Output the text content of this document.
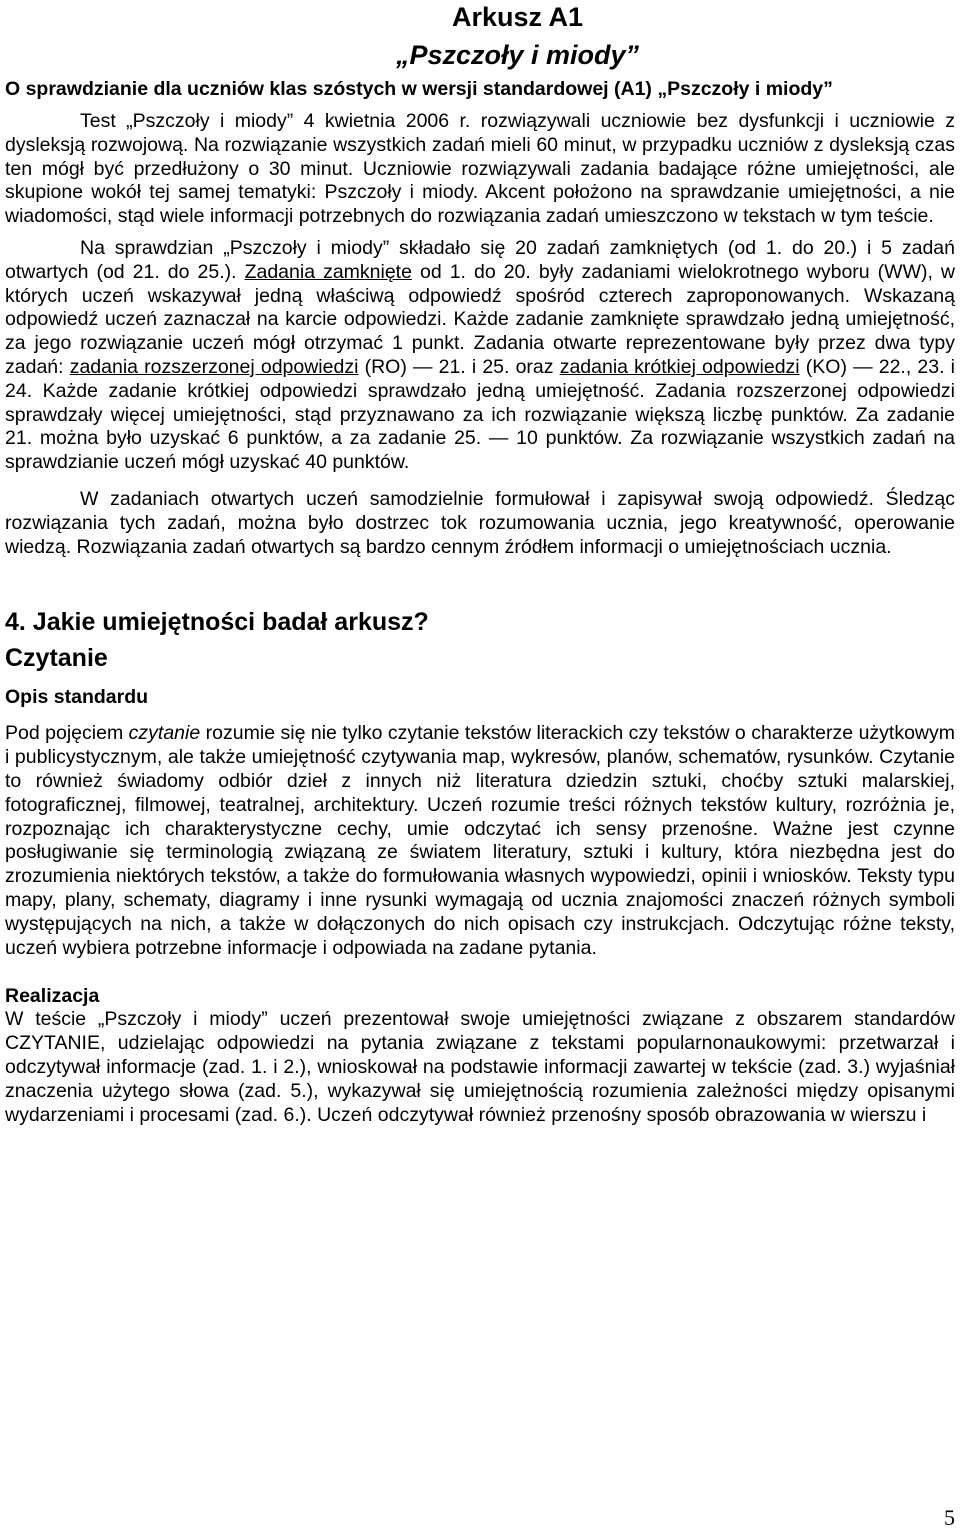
Arkusz A1
„Pszczoły i miody”
O sprawdzianie dla uczniów klas szóstych w wersji standardowej (A1) „Pszczoły i miody”

Test „Pszczoły i miody” 4 kwietnia 2006 r. rozwiązywali uczniowie bez dysfunkcji i uczniowie z dysleksją rozwojową. Na rozwiązanie wszystkich zadań mieli 60 minut, w przypadku uczniów z dysleksją czas ten mógł być przedłużony o 30 minut. Uczniowie rozwiązywali zadania badające różne umiejętności, ale skupione wokół tej samej tematyki: Pszczoły i miody. Akcent położono na sprawdzanie umiejętności, a nie wiadomości, stąd wiele informacji potrzebnych do rozwiązania zadań umieszczono w tekstach w tym teście.

Na sprawdzian „Pszczoły i miody” składało się 20 zadań zamkniętych (od 1. do 20.) i 5 zadań otwartych (od 21. do 25.). Zadania zamknięte od 1. do 20. były zadaniami wielokrotnego wyboru (WW), w których uczeń wskazywał jedną właściwą odpowiedź spośród czterech zaproponowanych. Wskazaną odpowiedź uczeń zaznaczał na karcie odpowiedzi. Każde zadanie zamknięte sprawdzało jedną umiejętność, za jego rozwiązanie uczeń mógł otrzymać 1 punkt. Zadania otwarte reprezentowane były przez dwa typy zadań: zadania rozszerzonej odpowiedzi (RO) — 21. i 25. oraz zadania krótkiej odpowiedzi (KO) — 22., 23. i 24. Każde zadanie krótkiej odpowiedzi sprawdzało jedną umiejętność. Zadania rozszerzonej odpowiedzi sprawdzały więcej umiejętności, stąd przyznawano za ich rozwiązanie większą liczbę punktów. Za zadanie 21. można było uzyskać 6 punktów, a za zadanie 25. — 10 punktów. Za rozwiązanie wszystkich zadań na sprawdzianie uczeń mógł uzyskać 40 punktów.

W zadaniach otwartych uczeń samodzielnie formułował i zapisywał swoją odpowiedź. Śledząc rozwiązania tych zadań, można było dostrzec tok rozumowania ucznia, jego kreatywność, operowanie wiedzą. Rozwiązania zadań otwartych są bardzo cennym źródłem informacji o umiejętnościach ucznia.

4. Jakie umiejętności badał arkusz?
Czytanie
Opis standardu

Pod pojęciem czytanie rozumie się nie tylko czytanie tekstów literackich czy tekstów o charakterze użytkowym i publicystycznym, ale także umiejętność czytywania map, wykresów, planów, schematów, rysunków. Czytanie to również świadomy odbiór dzieł z innych niż literatura dziedzin sztuki, choćby sztuki malarskiej, fotograficznej, filmowej, teatralnej, architektury. Uczeń rozumie treści różnych tekstów kultury, rozróżnia je, rozpoznając ich charakterystyczne cechy, umie odczytać ich sensy przenośne. Ważne jest czynne posługiwanie się terminologią związaną ze światem literatury, sztuki i kultury, która niezbędna jest do zrozumienia niektórych tekstów, a także do formułowania własnych wypowiedzi, opinii i wniosków. Teksty typu mapy, plany, schematy, diagramy i inne rysunki wymagają od ucznia znajomości znaczeń różnych symboli występujących na nich, a także w dołączonych do nich opisach czy instrukcjach. Odczytując różne teksty, uczeń wybiera potrzebne informacje i odpowiada na zadane pytania.

Realizacja

W teście „Pszczoły i miody” uczeń prezentował swoje umiejętności związane z obszarem standardów CZYTANIE, udzielając odpowiedzi na pytania związane z tekstami popularnonaukowymi: przetwarzał i odczytywał informacje (zad. 1. i 2.), wnioskował na podstawie informacji zawartej w tekście (zad. 3.) wyjaśniał znaczenia użytego słowa (zad. 5.), wykazywał się umiejętnością rozumienia zależności między opisanymi wydarzeniami i procesami (zad. 6.). Uczeń odczytywał również przenośny sposób obrazowania w wierszu i

5
